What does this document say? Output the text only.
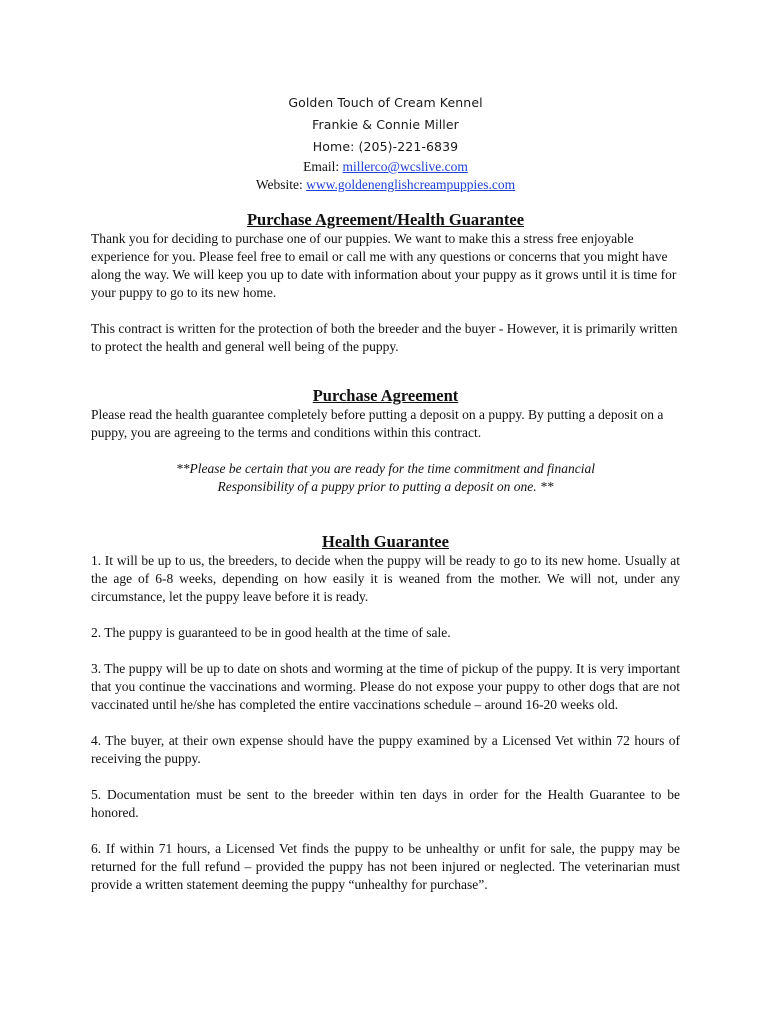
Golden Touch of Cream Kennel
Frankie & Connie Miller
Home: (205)-221-6839
Email: millerco@wcslive.com
Website: www.goldenenglishcreampuppies.com
Purchase Agreement/Health Guarantee

Thank you for deciding to purchase one of our puppies. We want to make this a stress free enjoyable experience for you. Please feel free to email or call me with any questions or concerns that you might have along the way. We will keep you up to date with information about your puppy as it grows until it is time for your puppy to go to its new home.

This contract is written for the protection of both the breeder and the buyer - However, it is primarily written to protect the health and general well being of the puppy.

Purchase Agreement

Please read the health guarantee completely before putting a deposit on a puppy. By putting a deposit on a puppy, you are agreeing to the terms and conditions within this contract.

**Please be certain that you are ready for the time commitment and financial
Responsibility of a puppy prior to putting a deposit on one. **
Health Guarantee

1. It will be up to us, the breeders, to decide when the puppy will be ready to go to its new home. Usually at the age of 6-8 weeks, depending on how easily it is weaned from the mother. We will not, under any circumstance, let the puppy leave before it is ready.

2. The puppy is guaranteed to be in good health at the time of sale.

3. The puppy will be up to date on shots and worming at the time of pickup of the puppy. It is very important that you continue the vaccinations and worming. Please do not expose your puppy to other dogs that are not vaccinated until he/she has completed the entire vaccinations schedule – around 16-20 weeks old.

4. The buyer, at their own expense should have the puppy examined by a Licensed Vet within 72 hours of receiving the puppy.

5. Documentation must be sent to the breeder within ten days in order for the Health Guarantee to be honored.

6. If within 71 hours, a Licensed Vet finds the puppy to be unhealthy or unfit for sale, the puppy may be returned for the full refund – provided the puppy has not been injured or neglected. The veterinarian must provide a written statement deeming the puppy “unhealthy for purchase”.
